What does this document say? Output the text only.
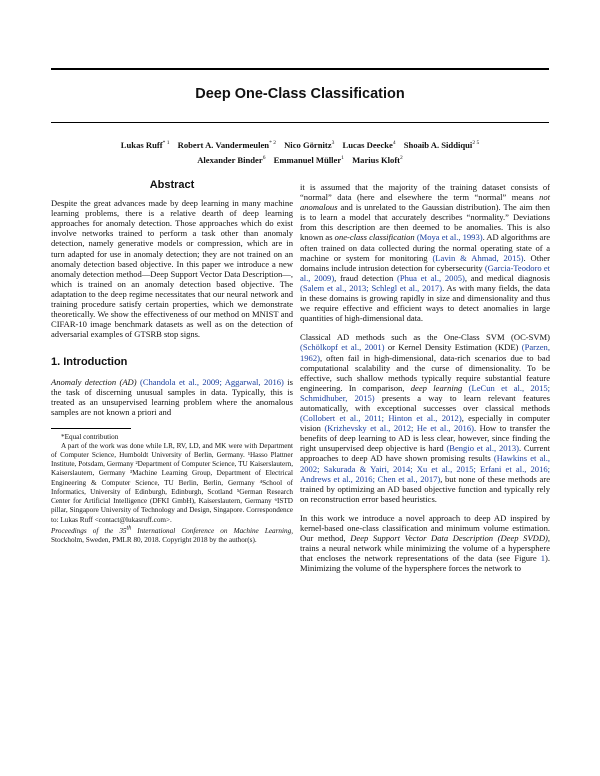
Deep One-Class Classification
Lukas Ruff$^{* 1}$ Robert A. Vandermeulen$^{* 2}$ Nico Görnitz$^3$ Lucas Deecke$^4$ Shoaib A. Siddiqui$^{2 5}$
Alexander Binder$^6$ Emmanuel Müller$^1$ Marius Kloft$^2$
Abstract

Despite the great advances made by deep learning in many machine learning problems, there is a relative dearth of deep learning approaches for anomaly detection. Those approaches which do exist involve networks trained to perform a task other than anomaly detection, namely generative models or compression, which are in turn adapted for use in anomaly detection; they are not trained on an anomaly detection based objective. In this paper we introduce a new anomaly detection method—Deep Support Vector Data Description—, which is trained on an anomaly detection based objective. The adaptation to the deep regime necessitates that our neural network and training procedure satisfy certain properties, which we demonstrate theoretically. We show the effectiveness of our method on MNIST and CIFAR-10 image benchmark datasets as well as on the detection of adversarial examples of GTSRB stop signs.

1. Introduction

Anomaly detection (AD) (Chandola et al., 2009; Aggarwal, 2016) is the task of discerning unusual samples in data. Typically, this is treated as an unsupervised learning problem where the anomalous samples are not known a priori and

*Equal contribution

A part of the work was done while LR, RV, LD, and MK were with Department of Computer Science, Humboldt University of Berlin, Germany. ¹Hasso Plattner Institute, Potsdam, Germany ²Department of Computer Science, TU Kaiserslautern, Kaiserslautern, Germany ³Machine Learning Group, Department of Electrical Engineering & Computer Science, TU Berlin, Berlin, Germany ⁴School of Informatics, University of Edinburgh, Edinburgh, Scotland ⁵German Research Center for Artificial Intelligence (DFKI GmbH), Kaiserslautern, Germany ⁶ISTD pillar, Singapore University of Technology and Design, Singapore. Correspondence to: Lukas Ruff <contact@lukasruff.com>.

Proceedings of the 35th International Conference on Machine Learning, Stockholm, Sweden, PMLR 80, 2018. Copyright 2018 by the author(s).

it is assumed that the majority of the training dataset consists of “normal” data (here and elsewhere the term “normal” means not anomalous and is unrelated to the Gaussian distribution). The aim then is to learn a model that accurately describes “normality.” Deviations from this description are then deemed to be anomalies. This is also known as one-class classification (Moya et al., 1993). AD algorithms are often trained on data collected during the normal operating state of a machine or system for monitoring (Lavin & Ahmad, 2015). Other domains include intrusion detection for cybersecurity (Garcia-Teodoro et al., 2009), fraud detection (Phua et al., 2005), and medical diagnosis (Salem et al., 2013; Schlegl et al., 2017). As with many fields, the data in these domains is growing rapidly in size and dimensionality and thus we require effective and efficient ways to detect anomalies in large quantities of high-dimensional data.

Classical AD methods such as the One-Class SVM (OC-SVM) (Schölkopf et al., 2001) or Kernel Density Estimation (KDE) (Parzen, 1962), often fail in high-dimensional, data-rich scenarios due to bad computational scalability and the curse of dimensionality. To be effective, such shallow methods typically require substantial feature engineering. In comparison, deep learning (LeCun et al., 2015; Schmidhuber, 2015) presents a way to learn relevant features automatically, with exceptional successes over classical methods (Collobert et al., 2011; Hinton et al., 2012), especially in computer vision (Krizhevsky et al., 2012; He et al., 2016). How to transfer the benefits of deep learning to AD is less clear, however, since finding the right unsupervised deep objective is hard (Bengio et al., 2013). Current approaches to deep AD have shown promising results (Hawkins et al., 2002; Sakurada & Yairi, 2014; Xu et al., 2015; Erfani et al., 2016; Andrews et al., 2016; Chen et al., 2017), but none of these methods are trained by optimizing an AD based objective function and typically rely on reconstruction error based heuristics.

In this work we introduce a novel approach to deep AD inspired by kernel-based one-class classification and minimum volume estimation. Our method, Deep Support Vector Data Description (Deep SVDD), trains a neural network while minimizing the volume of a hypersphere that encloses the network representations of the data (see Figure 1). Minimizing the volume of the hypersphere forces the network to
